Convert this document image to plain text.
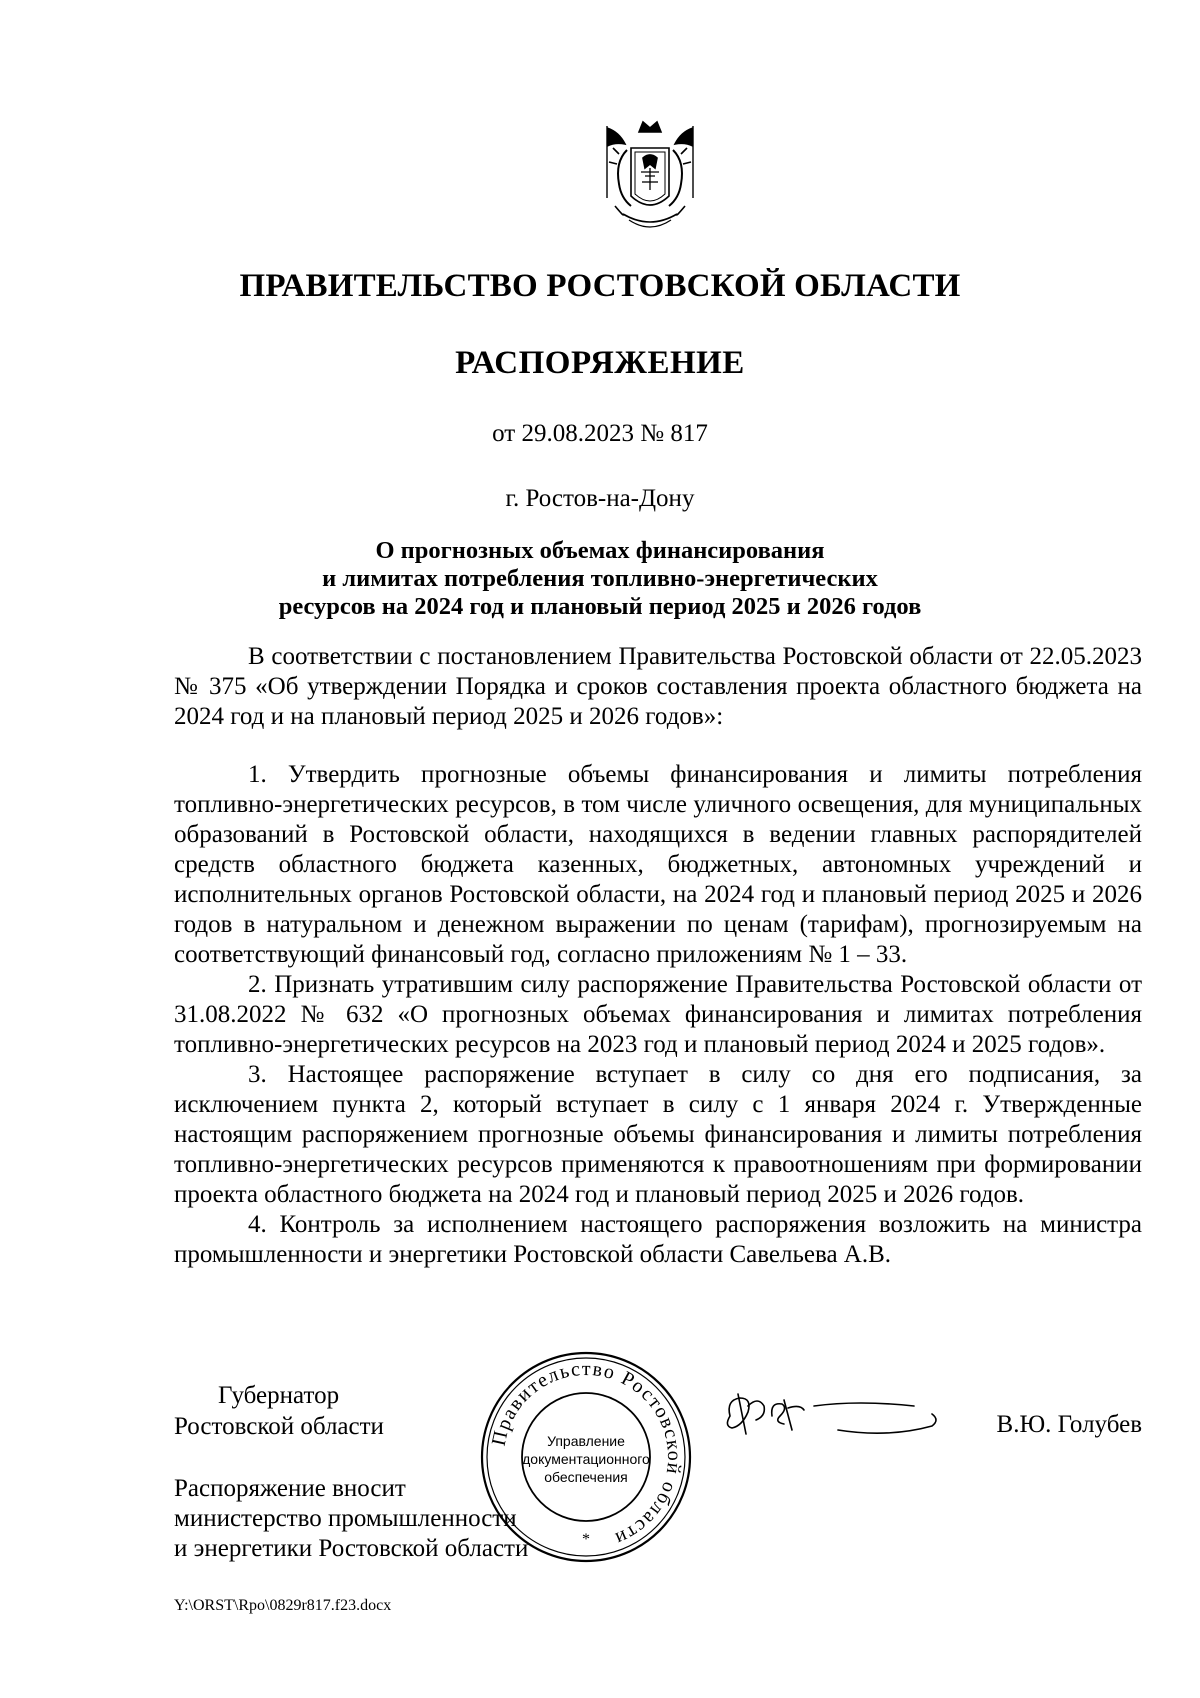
ПРАВИТЕЛЬСТВО РОСТОВСКОЙ ОБЛАСТИ
РАСПОРЯЖЕНИЕ
от 29.08.2023 № 817
г. Ростов-на-Дону
О прогнозных объемах финансирования
и лимитах потребления топливно-энергетических
ресурсов на 2024 год и плановый период 2025 и 2026 годов

В соответствии с постановлением Правительства Ростовской области от 22.05.2023 № 375 «Об утверждении Порядка и сроков составления проекта областного бюджета на 2024 год и на плановый период 2025 и 2026 годов»:

1. Утвердить прогнозные объемы финансирования и лимиты потребления топливно-энергетических ресурсов, в том числе уличного освещения, для муниципальных образований в Ростовской области, находящихся в ведении главных распорядителей средств областного бюджета казенных, бюджетных, автономных учреждений и исполнительных органов Ростовской области, на 2024 год и плановый период 2025 и 2026 годов в натуральном и денежном выражении по ценам (тарифам), прогнозируемым на соответствующий финансовый год, согласно приложениям № 1 – 33.

2. Признать утратившим силу распоряжение Правительства Ростовской области от 31.08.2022 № 632 «О прогнозных объемах финансирования и лимитах потребления топливно-энергетических ресурсов на 2023 год и плановый период 2024 и 2025 годов».

3. Настоящее распоряжение вступает в силу со дня его подписания, за исключением пункта 2, который вступает в силу с 1 января 2024 г. Утвержденные настоящим распоряжением прогнозные объемы финансирования и лимиты потребления топливно-энергетических ресурсов применяются к правоотношениям при формировании проекта областного бюджета на 2024 год и плановый период 2025 и 2026 годов.

4. Контроль за исполнением настоящего распоряжения возложить на министра промышленности и энергетики Ростовской области Савельева А.В.

Губернатор
Ростовской области
Распоряжение вносит
министерство промышленности
и энергетики Ростовской области
Правительство Ростовской области
Управление
документационного
обеспечения
*
В.Ю. Голубев
Y:\ORST\Rpo\0829r817.f23.docx
